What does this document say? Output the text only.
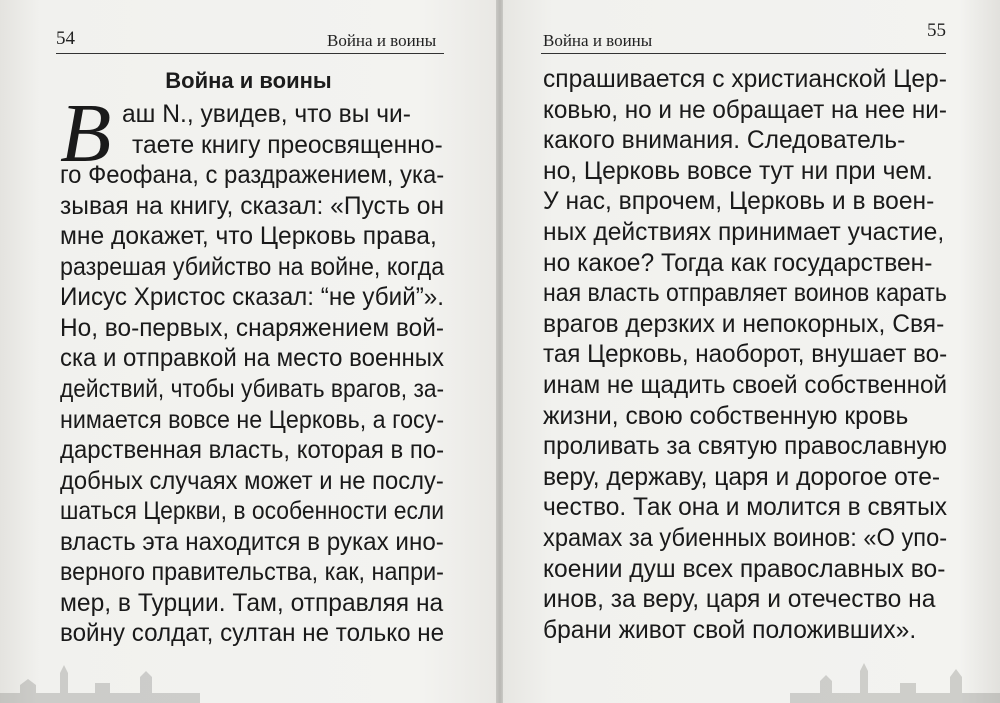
54	Война и воины
Война и воины
В аш N., увидев, что вы чи-
таете книгу преосвященно-
го Феофана, с раздражением, ука-
зывая на книгу, сказал: «Пусть он
мне докажет, что Церковь права,
разрешая убийство на войне, когда
Иисус Христос сказал: “не убий”».
Но, во-первых, снаряжением вой-
ска и отправкой на место военных
действий, чтобы убивать врагов, за-
нимается вовсе не Церковь, а госу-
дарственная власть, которая в по-
добных случаях может и не послу-
шаться Церкви, в особенности если
власть эта находится в руках ино-
верного правительства, как, напри-
мер, в Турции. Там, отправляя на
войну солдат, султан не только не
Война и воины	55
спрашивается с христианской Цер-
ковью, но и не обращает на нее ни-
какого внимания. Следователь-
но, Церковь вовсе тут ни при чем.
У нас, впрочем, Церковь и в воен-
ных действиях принимает участие,
но какое? Тогда как государствен-
ная власть отправляет воинов карать
врагов дерзких и непокорных, Свя-
тая Церковь, наоборот, внушает во-
инам не щадить своей собственной
жизни, свою собственную кровь
проливать за святую православную
веру, державу, царя и дорогое оте-
чество. Так она и молится в святых
храмах за убиенных воинов: «О упо-
коении душ всех православных во-
инов, за веру, царя и отечество на
брани живот свой положивших».
